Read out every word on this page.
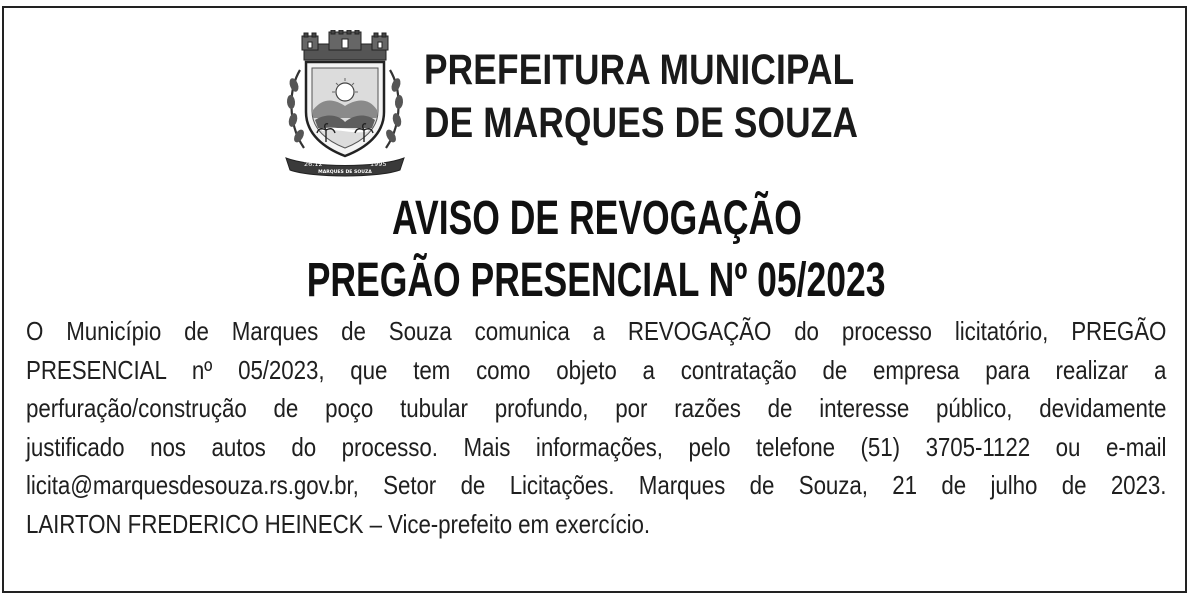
26.12	1995
MARQUES DE SOUZA
PREFEITURA MUNICIPAL
DE MARQUES DE SOUZA
AVISO DE REVOGAÇÃO
PREGÃO PRESENCIAL Nº 05/2023
O Município de Marques de Souza comunica a REVOGAÇÃO do processo licitatório, PREGÃO
PRESENCIAL nº 05/2023, que tem como objeto a contratação de empresa para realizar a
perfuração/construção de poço tubular profundo, por razões de interesse público, devidamente
justificado nos autos do processo. Mais informações, pelo telefone (51) 3705-1122 ou e-mail
licita@marquesdesouza.rs.gov.br, Setor de Licitações. Marques de Souza, 21 de julho de 2023.
LAIRTON FREDERICO HEINECK – Vice-prefeito em exercício.
